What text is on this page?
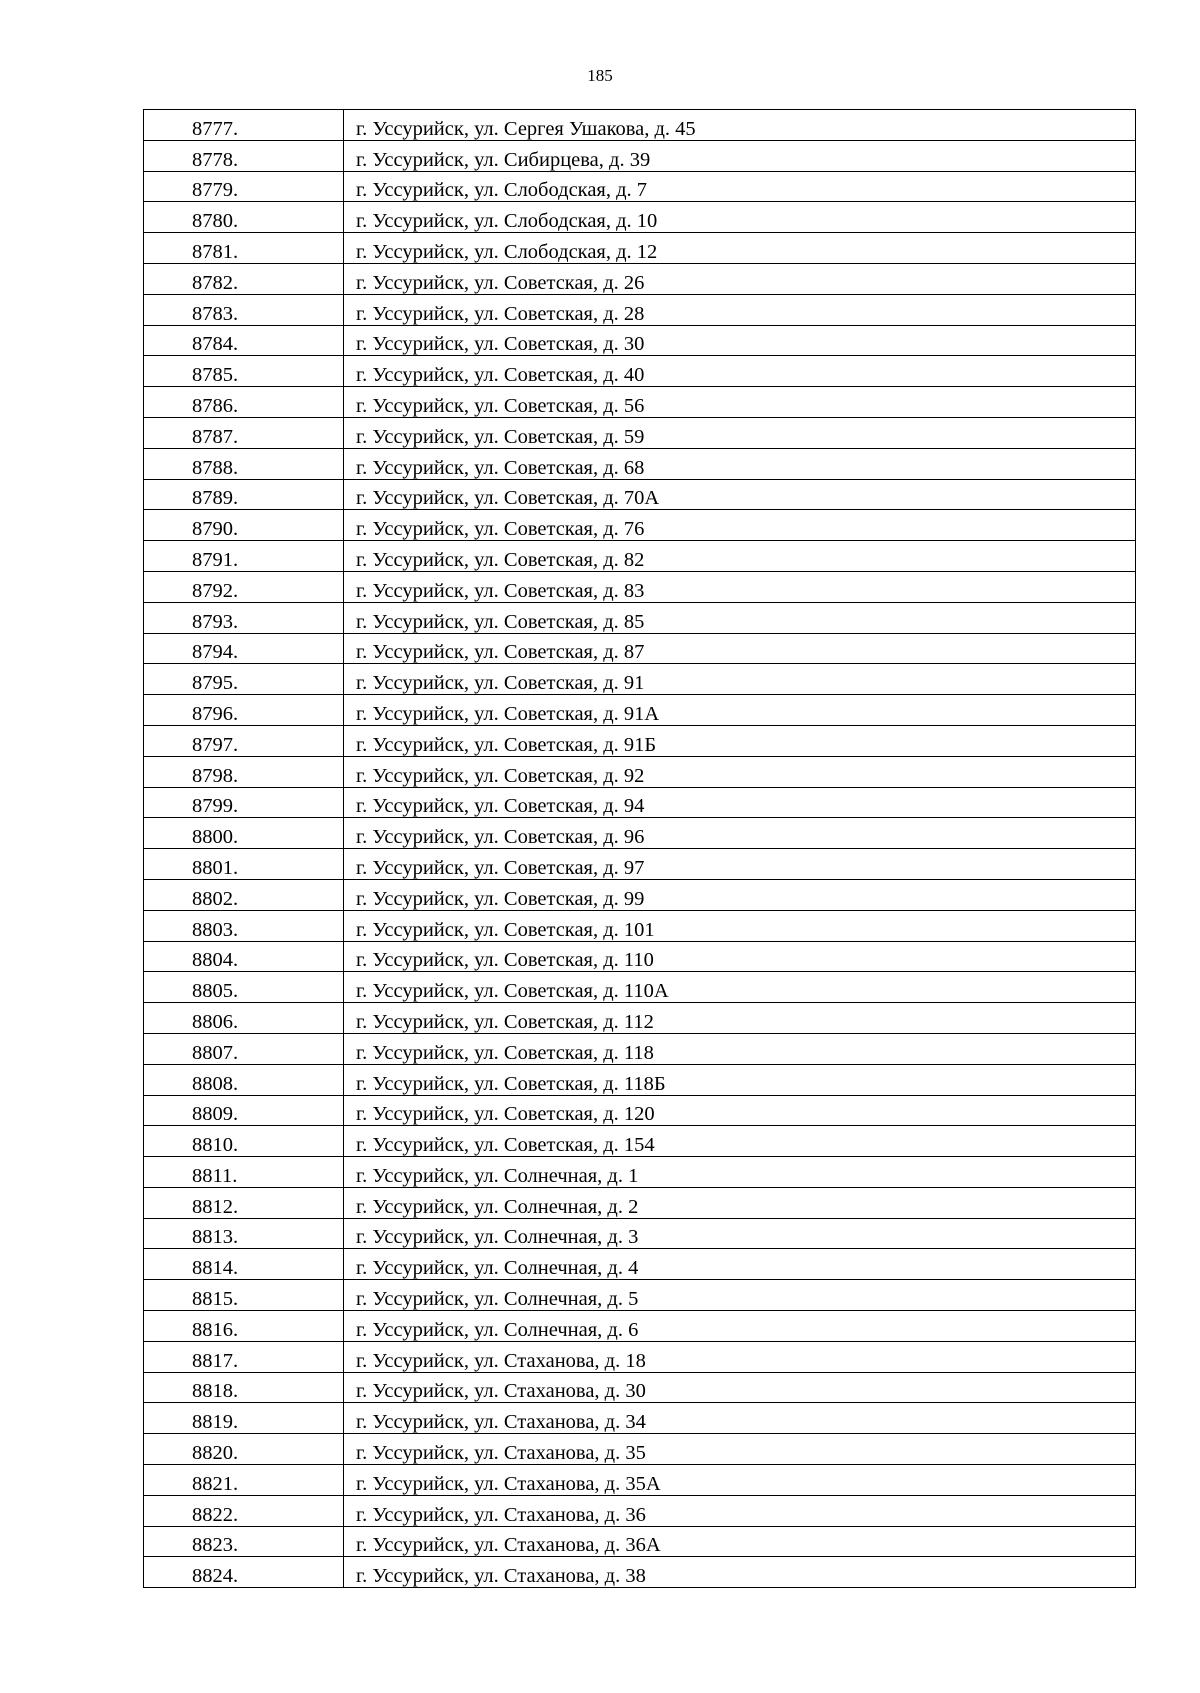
185
8777.	г. Уссурийск, ул. Сергея Ушакова, д. 45
8778.	г. Уссурийск, ул. Сибирцева, д. 39
8779.	г. Уссурийск, ул. Слободская, д. 7
8780.	г. Уссурийск, ул. Слободская, д. 10
8781.	г. Уссурийск, ул. Слободская, д. 12
8782.	г. Уссурийск, ул. Советская, д. 26
8783.	г. Уссурийск, ул. Советская, д. 28
8784.	г. Уссурийск, ул. Советская, д. 30
8785.	г. Уссурийск, ул. Советская, д. 40
8786.	г. Уссурийск, ул. Советская, д. 56
8787.	г. Уссурийск, ул. Советская, д. 59
8788.	г. Уссурийск, ул. Советская, д. 68
8789.	г. Уссурийск, ул. Советская, д. 70А
8790.	г. Уссурийск, ул. Советская, д. 76
8791.	г. Уссурийск, ул. Советская, д. 82
8792.	г. Уссурийск, ул. Советская, д. 83
8793.	г. Уссурийск, ул. Советская, д. 85
8794.	г. Уссурийск, ул. Советская, д. 87
8795.	г. Уссурийск, ул. Советская, д. 91
8796.	г. Уссурийск, ул. Советская, д. 91А
8797.	г. Уссурийск, ул. Советская, д. 91Б
8798.	г. Уссурийск, ул. Советская, д. 92
8799.	г. Уссурийск, ул. Советская, д. 94
8800.	г. Уссурийск, ул. Советская, д. 96
8801.	г. Уссурийск, ул. Советская, д. 97
8802.	г. Уссурийск, ул. Советская, д. 99
8803.	г. Уссурийск, ул. Советская, д. 101
8804.	г. Уссурийск, ул. Советская, д. 110
8805.	г. Уссурийск, ул. Советская, д. 110А
8806.	г. Уссурийск, ул. Советская, д. 112
8807.	г. Уссурийск, ул. Советская, д. 118
8808.	г. Уссурийск, ул. Советская, д. 118Б
8809.	г. Уссурийск, ул. Советская, д. 120
8810.	г. Уссурийск, ул. Советская, д. 154
8811.	г. Уссурийск, ул. Солнечная, д. 1
8812.	г. Уссурийск, ул. Солнечная, д. 2
8813.	г. Уссурийск, ул. Солнечная, д. 3
8814.	г. Уссурийск, ул. Солнечная, д. 4
8815.	г. Уссурийск, ул. Солнечная, д. 5
8816.	г. Уссурийск, ул. Солнечная, д. 6
8817.	г. Уссурийск, ул. Стаханова, д. 18
8818.	г. Уссурийск, ул. Стаханова, д. 30
8819.	г. Уссурийск, ул. Стаханова, д. 34
8820.	г. Уссурийск, ул. Стаханова, д. 35
8821.	г. Уссурийск, ул. Стаханова, д. 35А
8822.	г. Уссурийск, ул. Стаханова, д. 36
8823.	г. Уссурийск, ул. Стаханова, д. 36А
8824.	г. Уссурийск, ул. Стаханова, д. 38
